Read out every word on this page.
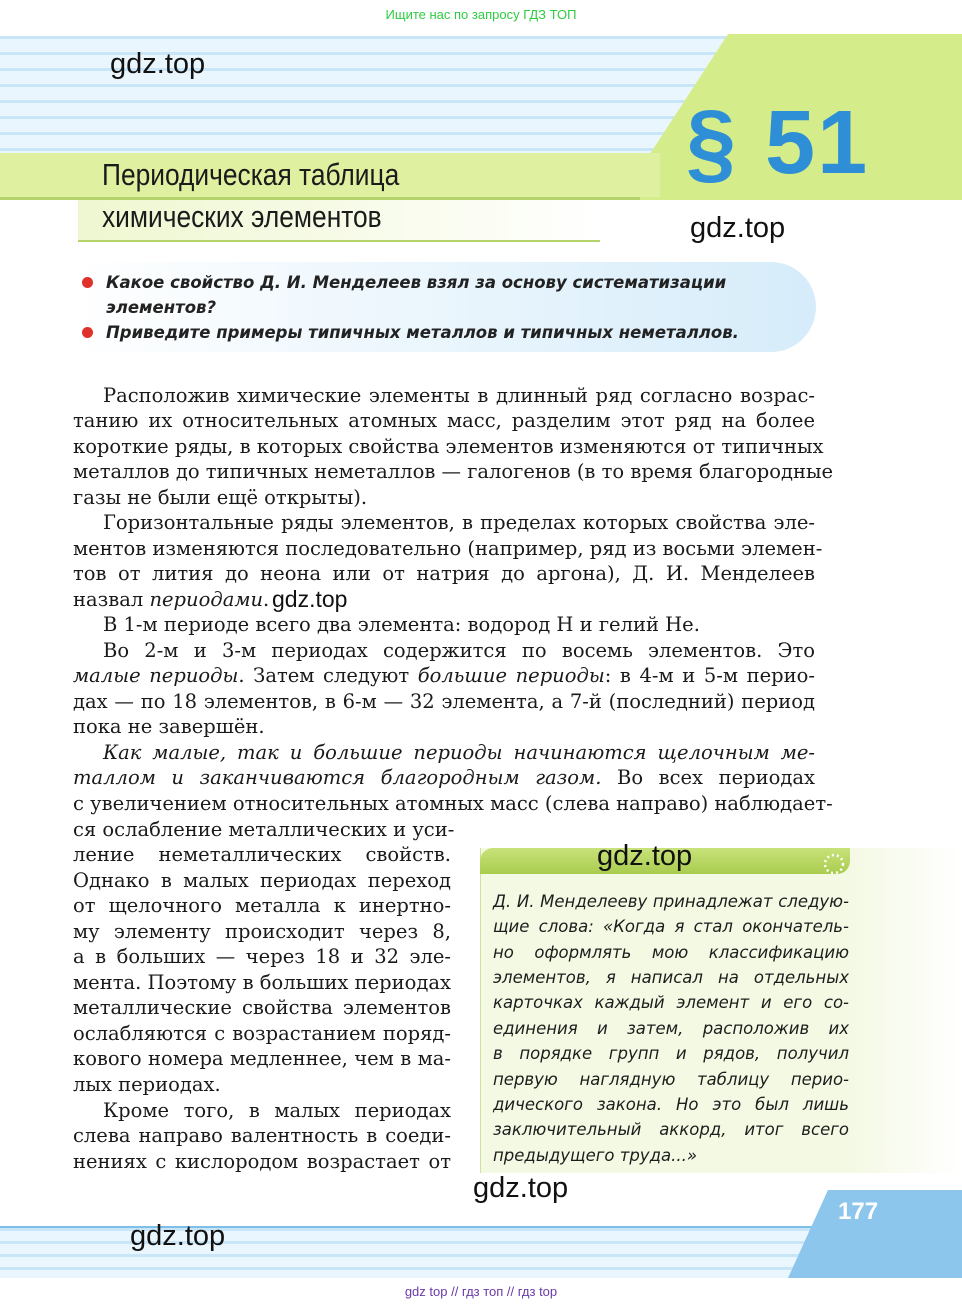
Ищите нас по запросу ГДЗ ТОП
§ 51
Периодическая таблица
химических элементов
gdz.top
gdz.top
Какое свойство Д. И. Менделеев взял за основу систематизации
элементов?
Приведите примеры типичных металлов и типичных неметаллов.
Расположив химические элементы в длинный ряд согласно возрас-
танию их относительных атомных масс, разделим этот ряд на более
короткие ряды, в которых свойства элементов изменяются от типичных
металлов до типичных неметаллов — галогенов (в то время благородные
газы не были ещё открыты).
Горизонтальные ряды элементов, в пределах которых свойства эле-
ментов изменяются последовательно (например, ряд из восьми элемен-
тов от лития до неона или от натрия до аргона), Д. И. Менделеев
назвал периодами. gdz.top
В 1-м периоде всего два элемента: водород H и гелий He.
Во 2-м и 3-м периодах содержится по восемь элементов. Это
малые периоды. Затем следуют большие периоды: в 4-м и 5-м перио-
дах — по 18 элементов, в 6-м — 32 элемента, а 7-й (последний) период
пока не завершён.
Как малые, так и большие периоды начинаются щелочным ме-
таллом и заканчиваются благородным газом. Во всех периодах
с увеличением относительных атомных масс (слева направо) наблюдает-
ся ослабление металлических и уси-
ление неметаллических свойств.
Однако в малых периодах переход
от щелочного металла к инертно-
му элементу происходит через 8,
а в больших — через 18 и 32 эле-
мента. Поэтому в больших периодах
металлические свойства элементов
ослабляются с возрастанием поряд-
кового номера медленнее, чем в ма-
лых периодах.
Кроме того, в малых периодах
слева направо валентность в соеди-
нениях с кислородом возрастает от
gdz.top
Д. И. Менделееву принадлежат следую-
щие слова: «Когда я стал окончатель-
но оформлять мою классификацию
элементов, я написал на отдельных
карточках каждый элемент и его со-
единения и затем, расположив их
в порядке групп и рядов, получил
первую наглядную таблицу перио-
дического закона. Но это был лишь
заключительный аккорд, итог всего
предыдущего труда...»
gdz.top
177
gdz.top
gdz top // гдз топ // гдз top
